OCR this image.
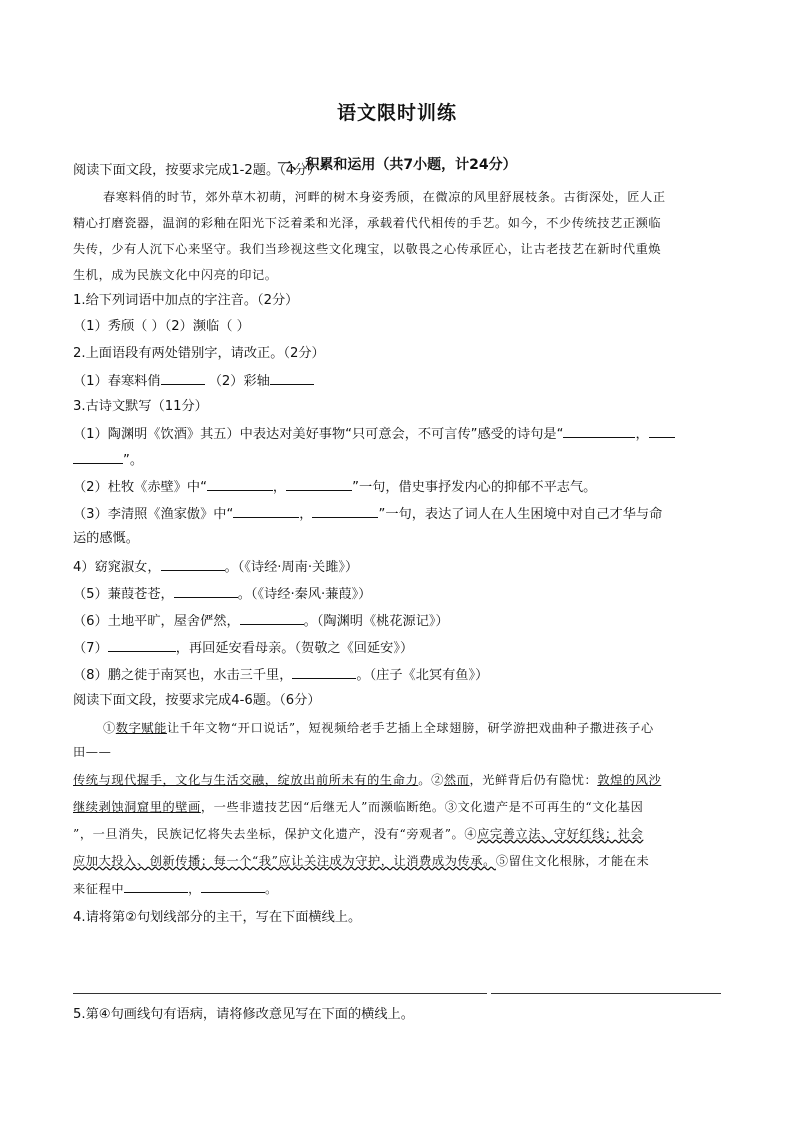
语文限时训练
一、积累和运用（共7小题，计24分）
阅读下面文段，按要求完成1-2题。（4分）
春寒料俏的时节，郊外草木初萌，河畔的树木身姿秀颀，在微凉的风里舒展枝条。古街深处，匠人正
精心打磨瓷器，温润的彩釉在阳光下泛着柔和光泽，承载着代代相传的手艺。如今，不少传统技艺正濒临
失传，少有人沉下心来坚守。我们当珍视这些文化瑰宝，以敬畏之心传承匠心，让古老技艺在新时代重焕
生机，成为民族文化中闪亮的印记。
1.给下列词语中加点的字注音。（2分）
（1）秀颀（ ）（2）濒临（ ）
2.上面语段有两处错别字，请改正。（2分）
（1）春寒料俏	（2）彩轴
3.古诗文默写（11分）
（1）陶渊明《饮酒》其五）中表达对美好事物“只可意会，不可言传”感受的诗句是“	，
”。
（2）杜牧《赤壁》中“	，	”一句，借史事抒发内心的抑郁不平志气。
（3）李清照《渔家傲》中“	，	”一句，表达了词人在人生困境中对自己才华与命
运的感慨。
4）窈窕淑女，	。（《诗经·周南·关雎》）
（5）蒹葭苍苍，	。（《诗经·秦风·蒹葭》）
（6）土地平旷，屋舍俨然，	。（陶渊明《桃花源记》）
（7）	，再回延安看母亲。（贺敬之《回延安》）
（8）鹏之徙于南冥也，水击三千里，	。（庄子《北冥有鱼》）
阅读下面文段，按要求完成4-6题。（6分）
①数字赋能让千年文物“开口说话”，短视频给老手艺插上全球翅膀，研学游把戏曲种子撒进孩子心
田——
传统与现代握手，文化与生活交融，绽放出前所未有的生命力。②然而，光鲜背后仍有隐忧：敦煌的风沙
继续剥蚀洞窟里的壁画，一些非遗技艺因“后继无人”而濒临断绝。③文化遗产是不可再生的“文化基因
”，一旦消失，民族记忆将失去坐标，保护文化遗产，没有“旁观者”。④应完善立法、守好红线；社会
应加大投入、创新传播；每一个“我”应让关注成为守护，让消费成为传承。⑤留住文化根脉，才能在未
来征程中	，	。
4.请将第②句划线部分的主干，写在下面横线上。
5.第④句画线句有语病，请将修改意见写在下面的横线上。
